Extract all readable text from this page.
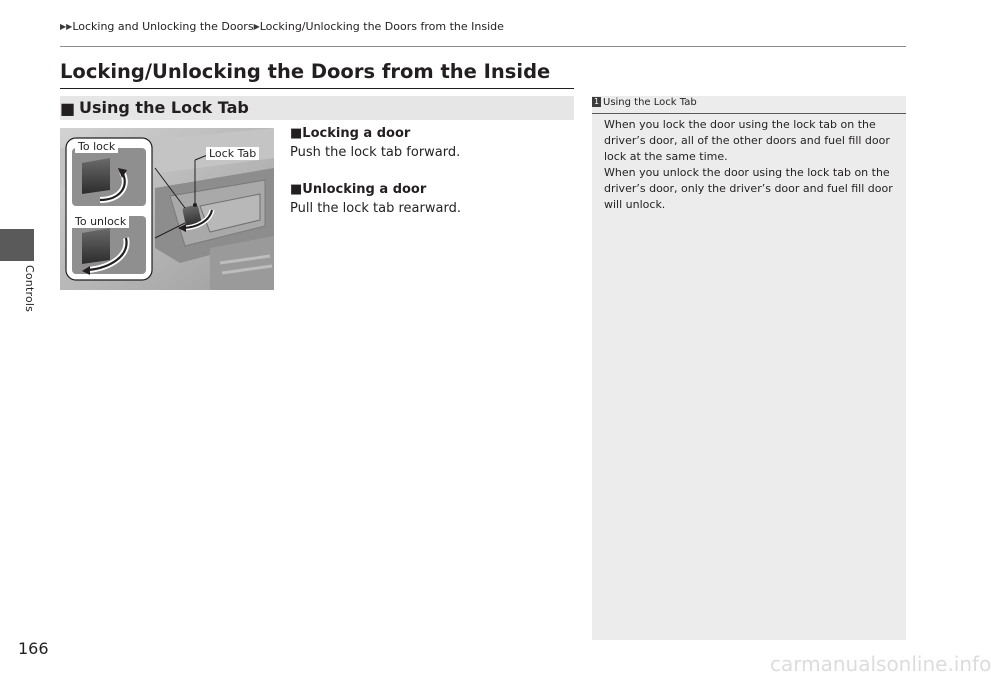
Controls
▶▶Locking and Unlocking the Doors▶Locking/Unlocking the Doors from the Inside
Locking/Unlocking the Doors from the Inside
■ Using the Lock Tab
To lock
Lock Tab
To unlock
■Locking a door
Push the lock tab forward.
■Unlocking a door
Pull the lock tab rearward.
1 Using the Lock Tab
When you lock the door using the lock tab on the
driver’s door, all of the other doors and fuel fill door
lock at the same time.
When you unlock the door using the lock tab on the
driver’s door, only the driver’s door and fuel fill door
will unlock.
166
carmanualsonline.info
